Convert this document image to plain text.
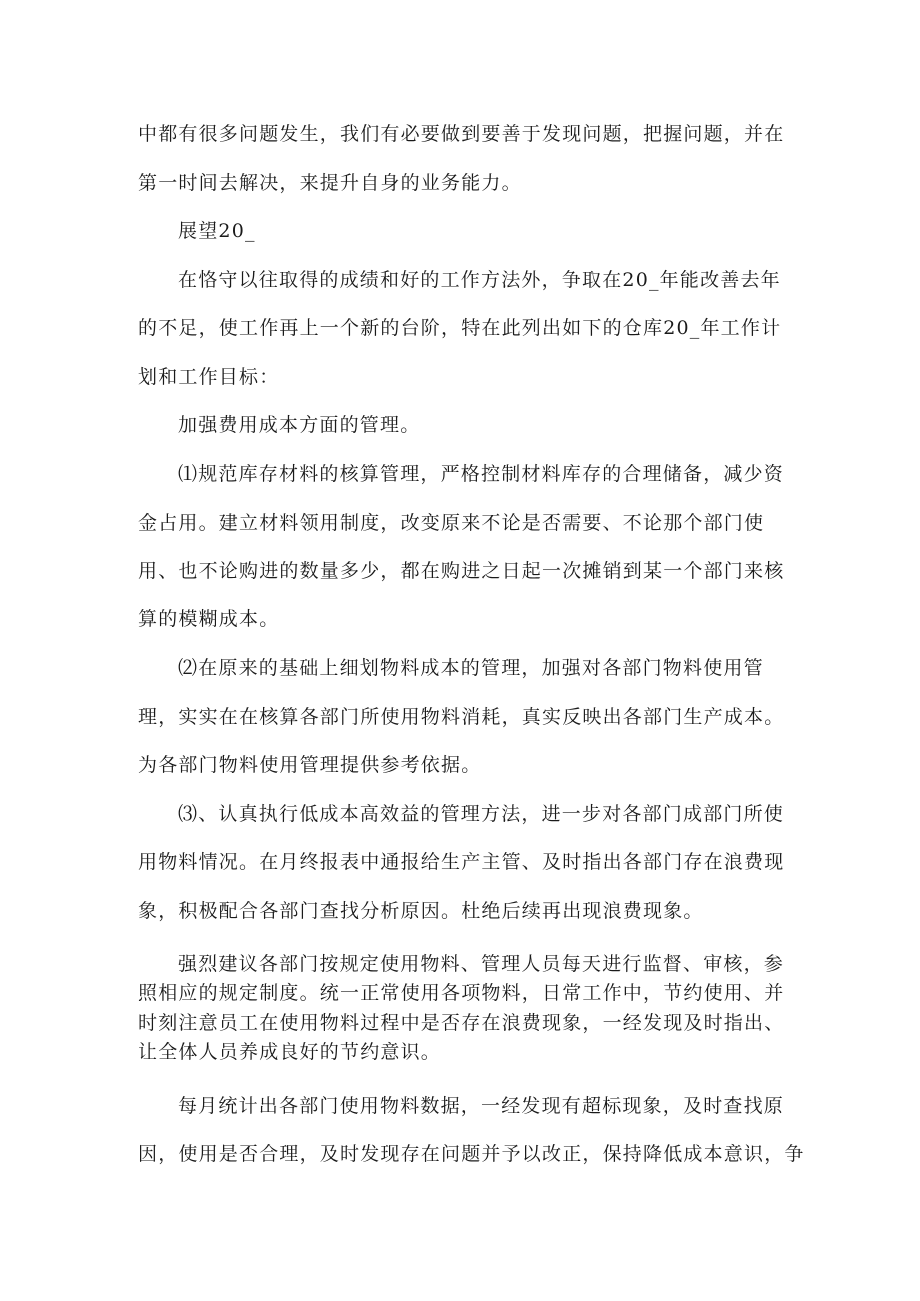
中都有很多问题发生，我们有必要做到要善于发现问题，把握问题，并在
第一时间去解决，来提升自身的业务能力。
展望20_
在恪守以往取得的成绩和好的工作方法外，争取在20_年能改善去年
的不足，使工作再上一个新的台阶，特在此列出如下的仓库20_年工作计
划和工作目标：
加强费用成本方面的管理。
⑴规范库存材料的核算管理，严格控制材料库存的合理储备，减少资
金占用。建立材料领用制度，改变原来不论是否需要、不论那个部门使
用、也不论购进的数量多少，都在购进之日起一次摊销到某一个部门来核
算的模糊成本。
⑵在原来的基础上细划物料成本的管理，加强对各部门物料使用管
理，实实在在核算各部门所使用物料消耗，真实反映出各部门生产成本。
为各部门物料使用管理提供参考依据。
⑶、认真执行低成本高效益的管理方法，进一步对各部门成部门所使
用物料情况。在月终报表中通报给生产主管、及时指出各部门存在浪费现
象，积极配合各部门查找分析原因。杜绝后续再出现浪费现象。
强烈建议各部门按规定使用物料、管理人员每天进行监督、审核，参
照相应的规定制度。统一正常使用各项物料，日常工作中，节约使用、并
时刻注意员工在使用物料过程中是否存在浪费现象，一经发现及时指出、
让全体人员养成良好的节约意识。
每月统计出各部门使用物料数据，一经发现有超标现象，及时查找原
因，使用是否合理，及时发现存在问题并予以改正，保持降低成本意识，争
